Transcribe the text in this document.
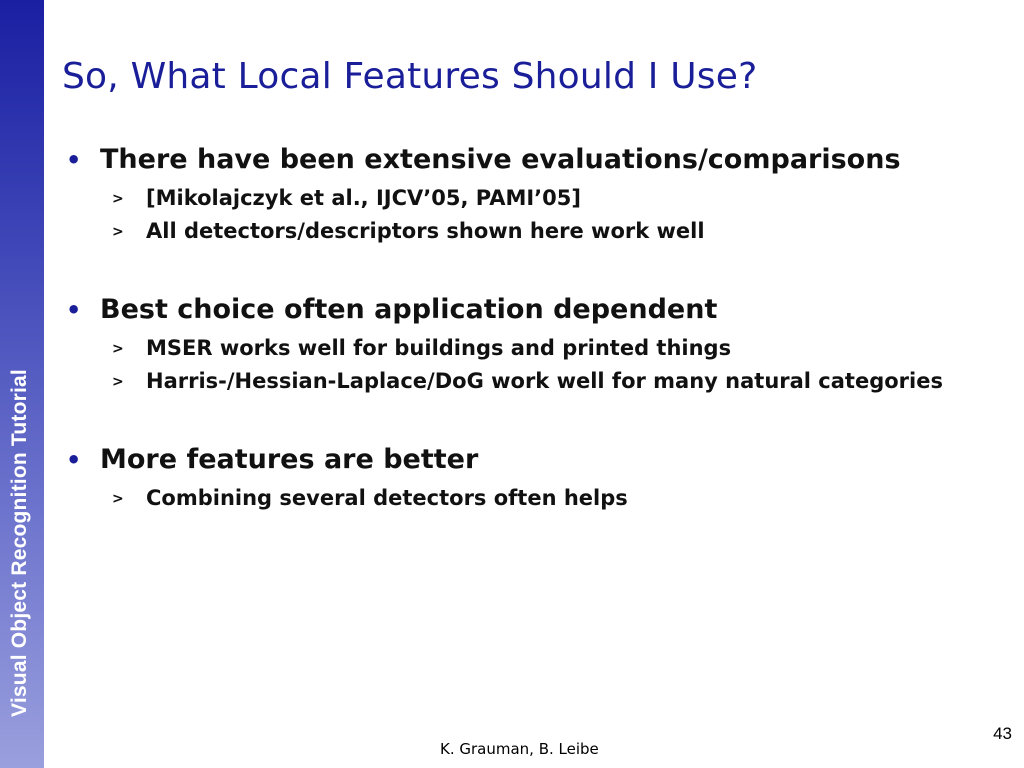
Visual Object Recognition Tutorial
So, What Local Features Should I Use?
• There have been extensive evaluations/comparisons
> [Mikolajczyk et al., IJCV’05, PAMI’05]
> All detectors/descriptors shown here work well
• Best choice often application dependent
> MSER works well for buildings and printed things
> Harris-/Hessian-Laplace/DoG work well for many natural categories
• More features are better
> Combining several detectors often helps
43
K. Grauman, B. Leibe
